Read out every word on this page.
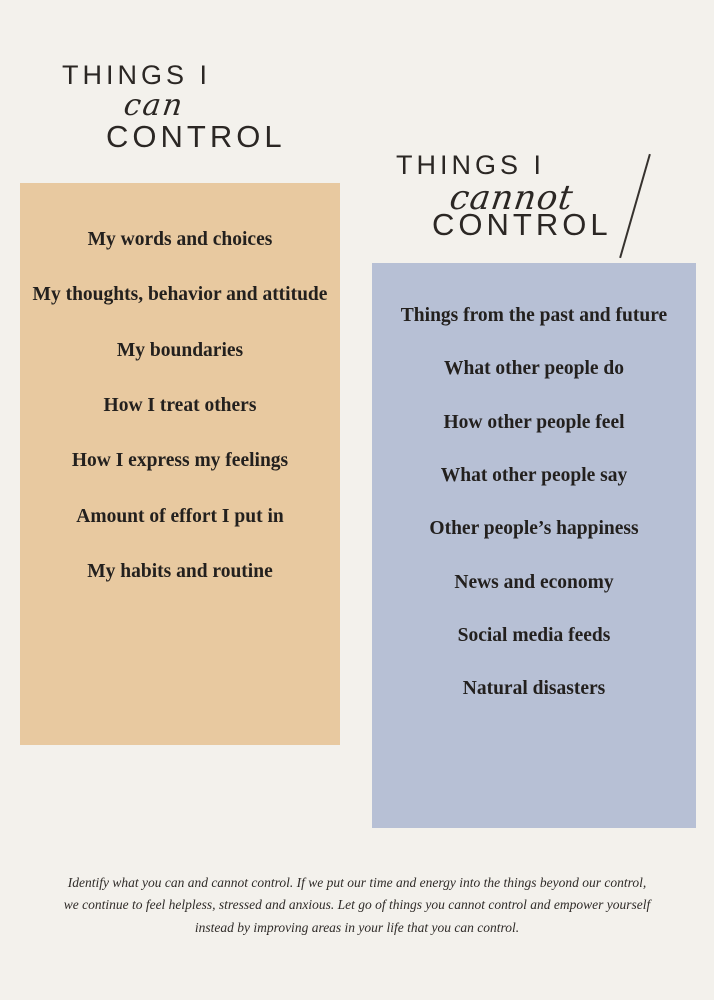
THINGS I
can
CONTROL
THINGS I
cannot
CONTROL
My words and choices
My thoughts, behavior and attitude
My boundaries
How I treat others
How I express my feelings
Amount of effort I put in
My habits and routine
Things from the past and future
What other people do
How other people feel
What other people say
Other people’s happiness
News and economy
Social media feeds
Natural disasters
Identify what you can and cannot control. If we put our time and energy into the things beyond our control, we continue to feel helpless, stressed and anxious. Let go of things you cannot control and empower yourself instead by improving areas in your life that you can control.
